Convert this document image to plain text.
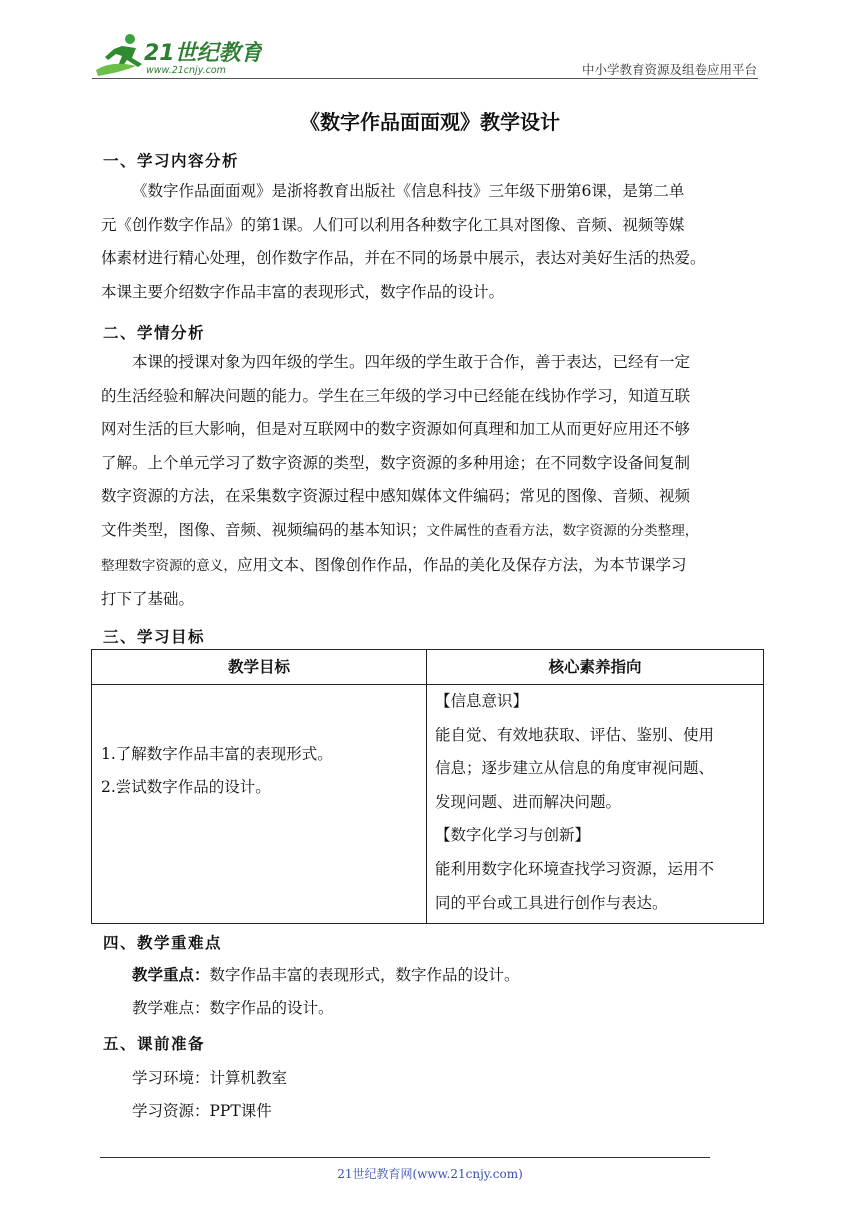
21世纪教育
www.21cnjy.com	中小学教育资源及组卷应用平台
《数字作品面面观》教学设计
一、学习内容分析
《数字作品面面观》是浙将教育出版社《信息科技》三年级下册第6课，是第二单
元《创作数字作品》的第1课。人们可以利用各种数字化工具对图像、音频、视频等媒
体素材进行精心处理，创作数字作品，并在不同的场景中展示，表达对美好生活的热爱。
本课主要介绍数字作品丰富的表现形式，数字作品的设计。
二、学情分析
本课的授课对象为四年级的学生。四年级的学生敢于合作，善于表达，已经有一定
的生活经验和解决问题的能力。学生在三年级的学习中已经能在线协作学习，知道互联
网对生活的巨大影响，但是对互联网中的数字资源如何真理和加工从而更好应用还不够
了解。上个单元学习了数字资源的类型，数字资源的多种用途；在不同数字设备间复制
数字资源的方法，在采集数字资源过程中感知媒体文件编码；常见的图像、音频、视频
文件类型，图像、音频、视频编码的基本知识；文件属性的查看方法，数字资源的分类整理，
整理数字资源的意义，应用文本、图像创作作品，作品的美化及保存方法，为本节课学习
打下了基础。
三、学习目标
教学目标	核心素养指向
1.了解数字作品丰富的表现形式。
2.尝试数字作品的设计。
【信息意识】
能自觉、有效地获取、评估、鉴别、使用
信息；逐步建立从信息的角度审视问题、
发现问题、进而解决问题。
【数字化学习与创新】
能利用数字化环境查找学习资源，运用不
同的平台或工具进行创作与表达。
四、教学重难点
教学重点：数字作品丰富的表现形式，数字作品的设计。
教学难点：数字作品的设计。
五、课前准备
学习环境：计算机教室
学习资源：PPT课件
21世纪教育网(www.21cnjy.com)
